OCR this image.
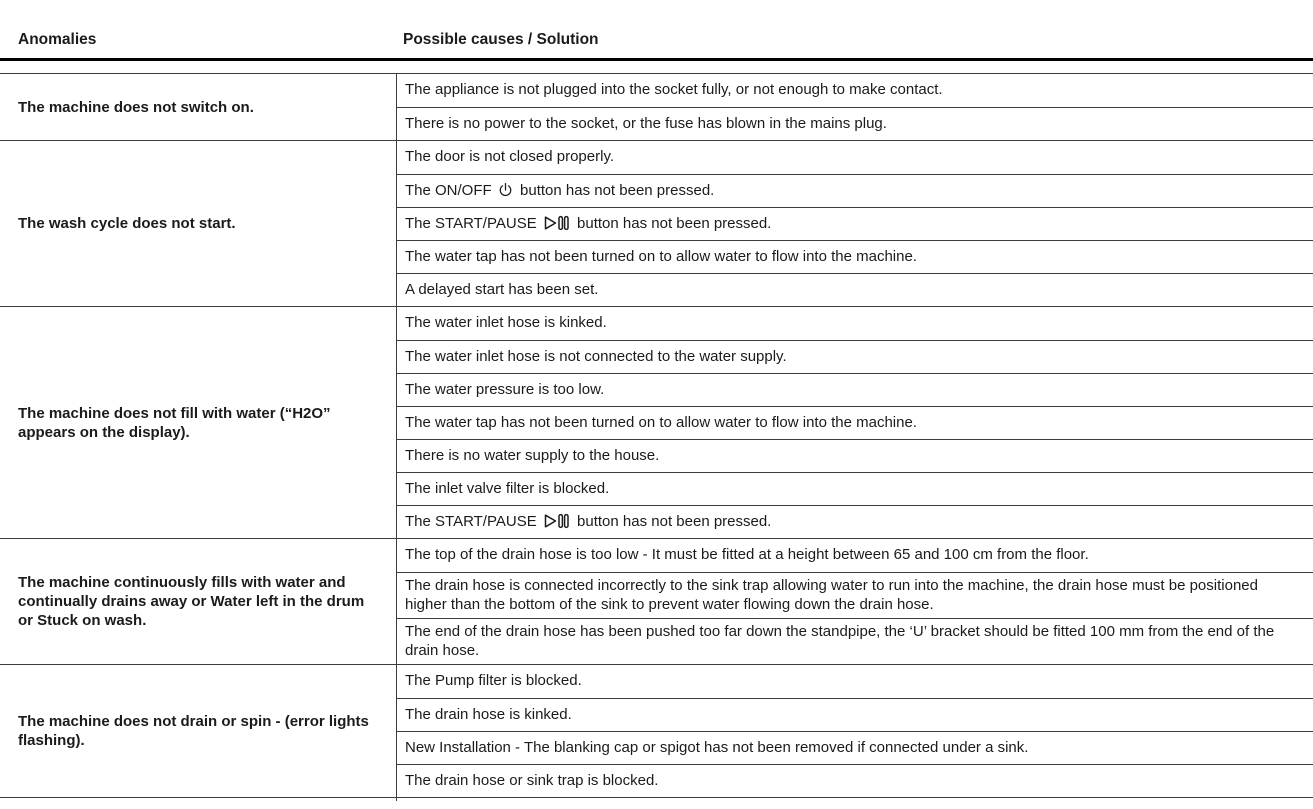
Anomalies	Possible causes / Solution

The machine does not switch on.

The appliance is not plugged into the socket fully, or not enough to make contact.

There is no power to the socket, or the fuse has blown in the mains plug.

The wash cycle does not start.

The door is not closed properly.

The ON/OFF  button has not been pressed.

The START/PAUSE  button has not been pressed.

The water tap has not been turned on to allow water to flow into the machine.

A delayed start has been set.

The machine does not fill with water (“H2O” appears on the display).

The water inlet hose is kinked.

The water inlet hose is not connected to the water supply.

The water pressure is too low.

The water tap has not been turned on to allow water to flow into the machine.

There is no water supply to the house.

The inlet valve filter is blocked.

The START/PAUSE  button has not been pressed.

The machine continuously fills with water and continually drains away or Water left in the drum or Stuck on wash.

The top of the drain hose is too low - It must be fitted at a height between 65 and 100 cm from the floor.

The drain hose is connected incorrectly to the sink trap allowing water to run into the machine, the drain hose must be positioned higher than the bottom of the sink to prevent water flowing down the drain hose.

The end of the drain hose has been pushed too far down the standpipe, the ‘U’ bracket should be fitted 100 mm from the end of the drain hose.

The machine does not drain or spin - (error lights flashing).

The Pump filter is blocked.

The drain hose is kinked.

New Installation - The blanking cap or spigot has not been removed if connected under a sink.

The drain hose or sink trap is blocked.
